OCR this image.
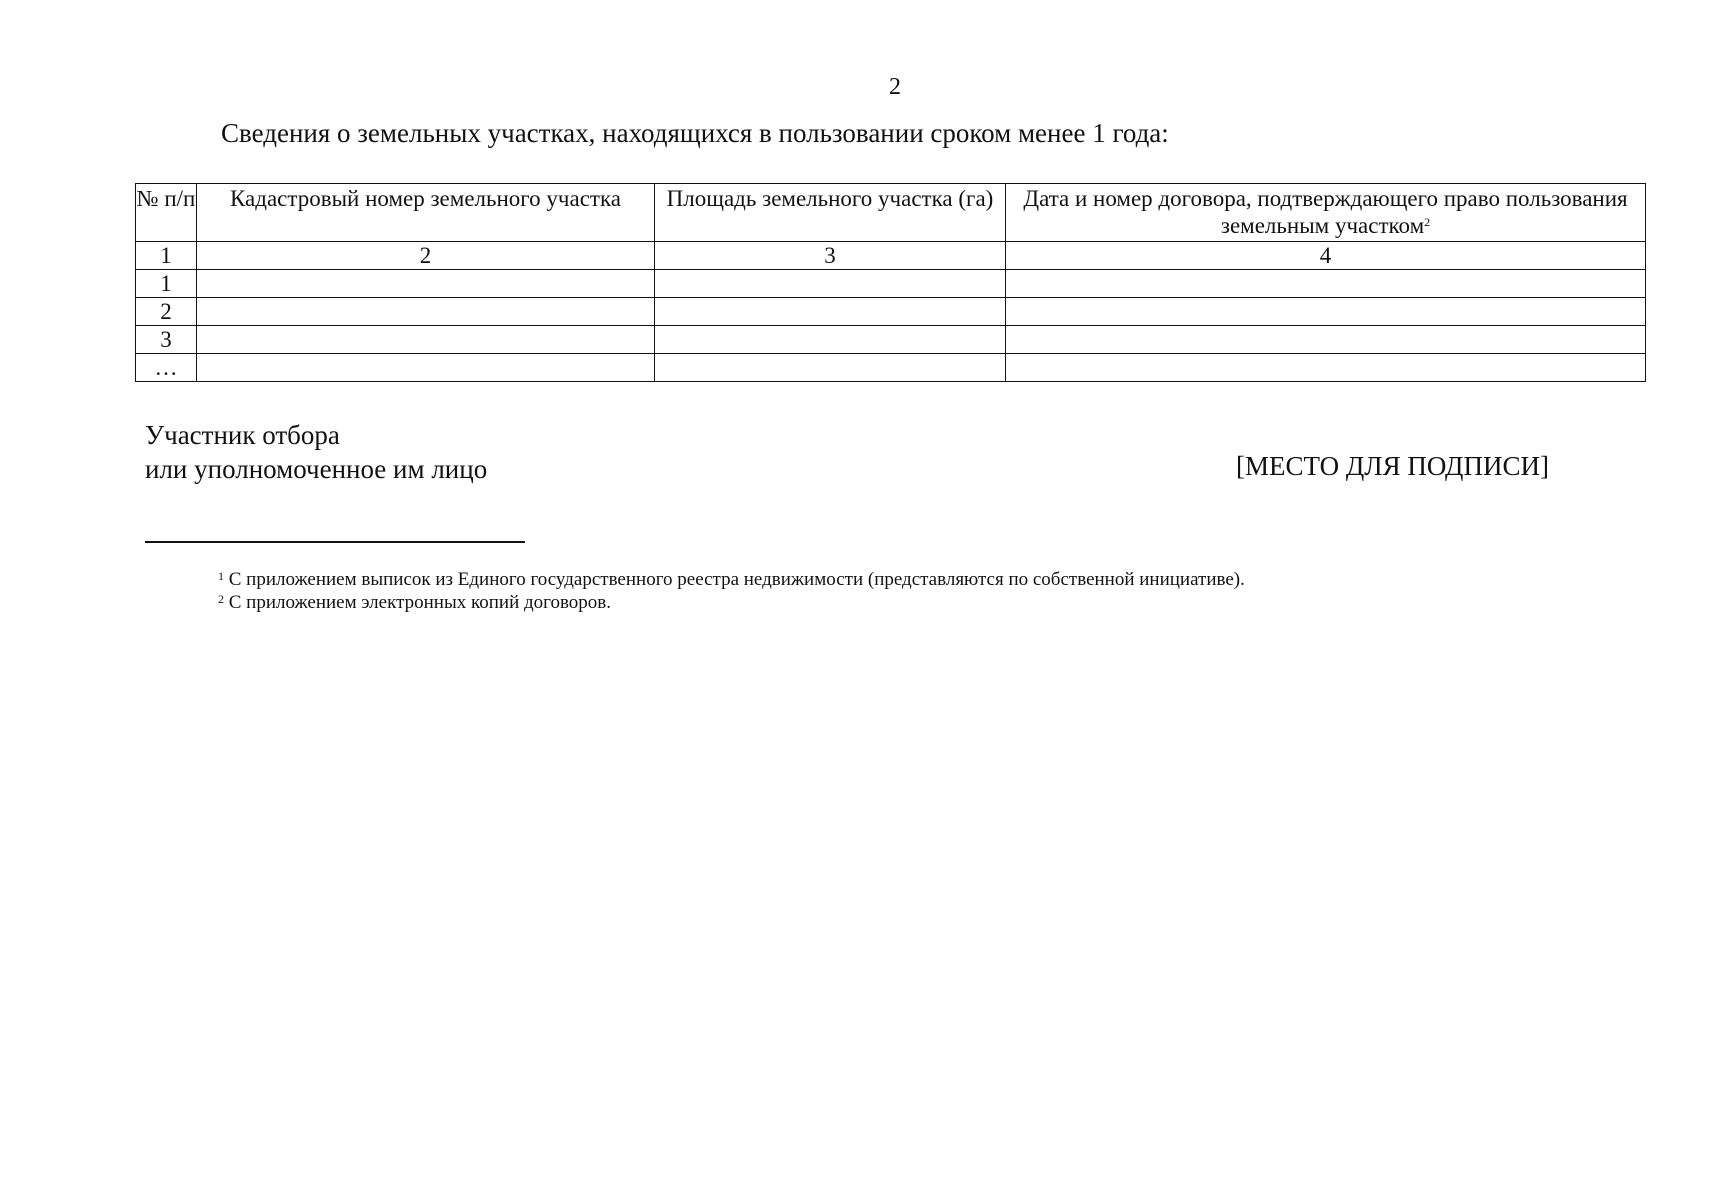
2
Сведения о земельных участках, находящихся в пользовании сроком менее 1 года:
№ п/п	Кадастровый номер земельного участка	Площадь земельного участка (га)	Дата и номер договора, подтверждающего право пользования земельным участком$^2$
1	2	3	4
1			
2			
3			
…			
Участник отбора
или уполномоченное им лицо	[МЕСТО ДЛЯ ПОДПИСИ]
$^1$ С приложением выписок из Единого государственного реестра недвижимости (представляются по собственной инициативе).
$^2$ С приложением электронных копий договоров.
